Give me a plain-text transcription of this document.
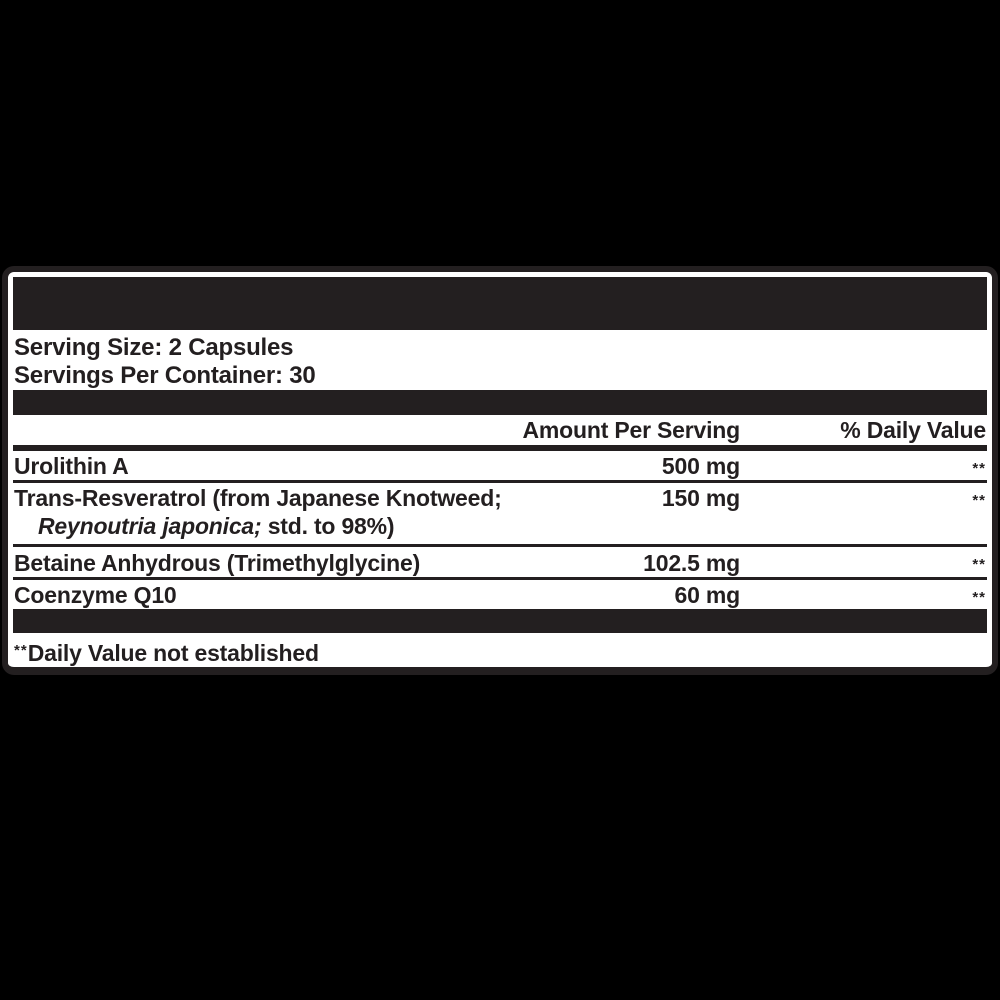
Serving Size: 2 Capsules
Servings Per Container: 30
Amount Per Serving	% Daily Value
Urolithin A	500 mg	**
Trans-Resveratrol (from Japanese Knotweed;
Reynoutria japonica; std. to 98%)
150 mg	**
Betaine Anhydrous (Trimethylglycine)	102.5 mg	**
Coenzyme Q10	60 mg	**
**Daily Value not established
